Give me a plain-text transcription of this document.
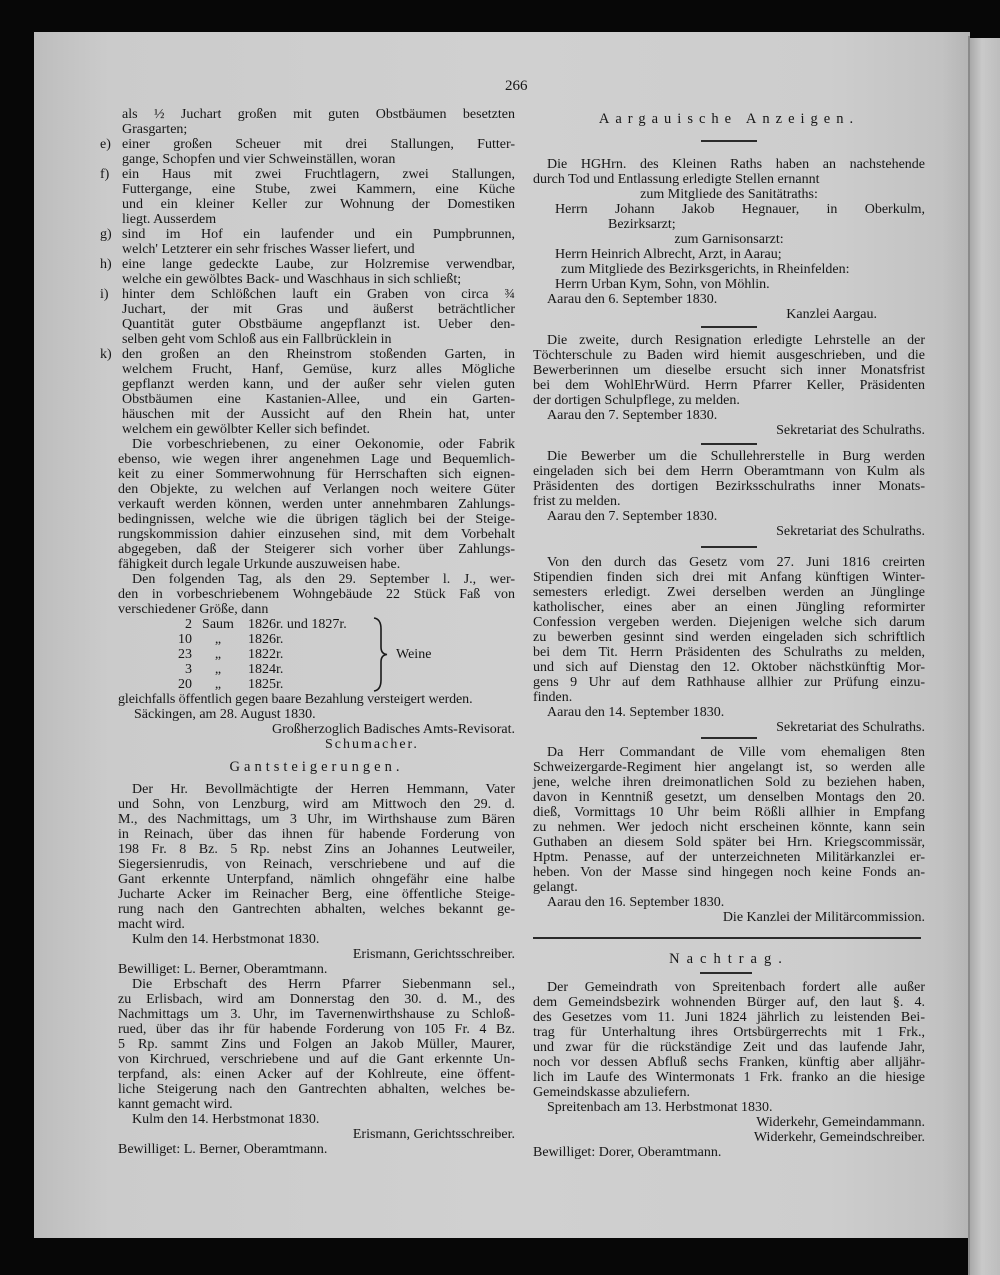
266
als ½ Juchart großen mit guten Obstbäumen besetzten
Grasgarten;
e) einer großen Scheuer mit drei Stallungen, Futter-
gange, Schopfen und vier Schweinställen, woran
f) ein Haus mit zwei Fruchtlagern, zwei Stallungen,
Futtergange, eine Stube, zwei Kammern, eine Küche
und ein kleiner Keller zur Wohnung der Domestiken
liegt. Ausserdem
g) sind im Hof ein laufender und ein Pumpbrunnen,
welch' Letzterer ein sehr frisches Wasser liefert, und
h) eine lange gedeckte Laube, zur Holzremise verwendbar,
welche ein gewölbtes Back- und Waschhaus in sich schließt;
i) hinter dem Schlößchen lauft ein Graben von circa ¾
Juchart, der mit Gras und äußerst beträchtlicher
Quantität guter Obstbäume angepflanzt ist. Ueber den-
selben geht vom Schloß aus ein Fallbrücklein in
k) den großen an den Rheinstrom stoßenden Garten, in
welchem Frucht, Hanf, Gemüse, kurz alles Mögliche
gepflanzt werden kann, und der außer sehr vielen guten
Obstbäumen eine Kastanien-Allee, und ein Garten-
häuschen mit der Aussicht auf den Rhein hat, unter
welchem ein gewölbter Keller sich befindet.
Die vorbeschriebenen, zu einer Oekonomie, oder Fabrik
ebenso, wie wegen ihrer angenehmen Lage und Bequemlich-
keit zu einer Sommerwohnung für Herrschaften sich eignen-
den Objekte, zu welchen auf Verlangen noch weitere Güter
verkauft werden können, werden unter annehmbaren Zahlungs-
bedingnissen, welche wie die übrigen täglich bei der Steige-
rungskommission dahier einzusehen sind, mit dem Vorbehalt
abgegeben, daß der Steigerer sich vorher über Zahlungs-
fähigkeit durch legale Urkunde auszuweisen habe.
Den folgenden Tag, als den 29. September l. J., wer-
den in vorbeschriebenem Wohngebäude 22 Stück Faß von
verschiedener Größe, dann
2 Saum 1826r. und 1827r.
10	„	1826r.
23	„	1822r.
3	„	1824r.
20	„	1825r.
Weine
gleichfalls öffentlich gegen baare Bezahlung versteigert werden.
Säckingen, am 28. August 1830.
Großherzoglich Badisches Amts-Revisorat.
Schumacher.
Gantsteigerungen.
Der Hr. Bevollmächtigte der Herren Hemmann, Vater
und Sohn, von Lenzburg, wird am Mittwoch den 29. d.
M., des Nachmittags, um 3 Uhr, im Wirthshause zum Bären
in Reinach, über das ihnen für habende Forderung von
198 Fr. 8 Bz. 5 Rp. nebst Zins an Johannes Leutweiler,
Siegersienrudis, von Reinach, verschriebene und auf die
Gant erkennte Unterpfand, nämlich ohngefähr eine halbe
Jucharte Acker im Reinacher Berg, eine öffentliche Steige-
rung nach den Gantrechten abhalten, welches bekannt ge-
macht wird.
Kulm den 14. Herbstmonat 1830.
Erismann, Gerichtsschreiber.
Bewilliget: L. Berner, Oberamtmann.
Die Erbschaft des Herrn Pfarrer Siebenmann sel.,
zu Erlisbach, wird am Donnerstag den 30. d. M., des
Nachmittags um 3. Uhr, im Tavernenwirthshause zu Schloß-
rued, über das ihr für habende Forderung von 105 Fr. 4 Bz.
5 Rp. sammt Zins und Folgen an Jakob Müller, Maurer,
von Kirchrued, verschriebene und auf die Gant erkennte Un-
terpfand, als: einen Acker auf der Kohlreute, eine öffent-
liche Steigerung nach den Gantrechten abhalten, welches be-
kannt gemacht wird.
Kulm den 14. Herbstmonat 1830.
Erismann, Gerichtsschreiber.
Bewilliget: L. Berner, Oberamtmann.
Aargauische Anzeigen.
Die HGHrn. des Kleinen Raths haben an nachstehende
durch Tod und Entlassung erledigte Stellen ernannt
zum Mitgliede des Sanitätraths:
Herrn Johann Jakob Hegnauer, in Oberkulm,
Bezirksarzt;
zum Garnisonsarzt:
Herrn Heinrich Albrecht, Arzt, in Aarau;
zum Mitgliede des Bezirksgerichts, in Rheinfelden:
Herrn Urban Kym, Sohn, von Möhlin.
Aarau den 6. September 1830.
Kanzlei Aargau.
Die zweite, durch Resignation erledigte Lehrstelle an der
Töchterschule zu Baden wird hiemit ausgeschrieben, und die
Bewerberinnen um dieselbe ersucht sich inner Monatsfrist
bei dem WohlEhrWürd. Herrn Pfarrer Keller, Präsidenten
der dortigen Schulpflege, zu melden.
Aarau den 7. September 1830.
Sekretariat des Schulraths.
Die Bewerber um die Schullehrerstelle in Burg werden
eingeladen sich bei dem Herrn Oberamtmann von Kulm als
Präsidenten des dortigen Bezirksschulraths inner Monats-
frist zu melden.
Aarau den 7. September 1830.
Sekretariat des Schulraths.
Von den durch das Gesetz vom 27. Juni 1816 creirten
Stipendien finden sich drei mit Anfang künftigen Winter-
semesters erledigt. Zwei derselben werden an Jünglinge
katholischer, eines aber an einen Jüngling reformirter
Confession vergeben werden. Diejenigen welche sich darum
zu bewerben gesinnt sind werden eingeladen sich schriftlich
bei dem Tit. Herrn Präsidenten des Schulraths zu melden,
und sich auf Dienstag den 12. Oktober nächstkünftig Mor-
gens 9 Uhr auf dem Rathhause allhier zur Prüfung einzu-
finden.
Aarau den 14. September 1830.
Sekretariat des Schulraths.
Da Herr Commandant de Ville vom ehemaligen 8ten
Schweizergarde-Regiment hier angelangt ist, so werden alle
jene, welche ihren dreimonatlichen Sold zu beziehen haben,
davon in Kenntniß gesetzt, um denselben Montags den 20.
dieß, Vormittags 10 Uhr beim Rößli allhier in Empfang
zu nehmen. Wer jedoch nicht erscheinen könnte, kann sein
Guthaben an diesem Sold später bei Hrn. Kriegscommissär,
Hptm. Penasse, auf der unterzeichneten Militärkanzlei er-
heben. Von der Masse sind hingegen noch keine Fonds an-
gelangt.
Aarau den 16. September 1830.
Die Kanzlei der Militärcommission.
Nachtrag.
Der Gemeindrath von Spreitenbach fordert alle außer
dem Gemeindsbezirk wohnenden Bürger auf, den laut §. 4.
des Gesetzes vom 11. Juni 1824 jährlich zu leistenden Bei-
trag für Unterhaltung ihres Ortsbürgerrechts mit 1 Frk.,
und zwar für die rückständige Zeit und das laufende Jahr,
noch vor dessen Abfluß sechs Franken, künftig aber alljähr-
lich im Laufe des Wintermonats 1 Frk. franko an die hiesige
Gemeindskasse abzuliefern.
Spreitenbach am 13. Herbstmonat 1830.
Widerkehr, Gemeindammann.
Widerkehr, Gemeindschreiber.
Bewilliget: Dorer, Oberamtmann.
